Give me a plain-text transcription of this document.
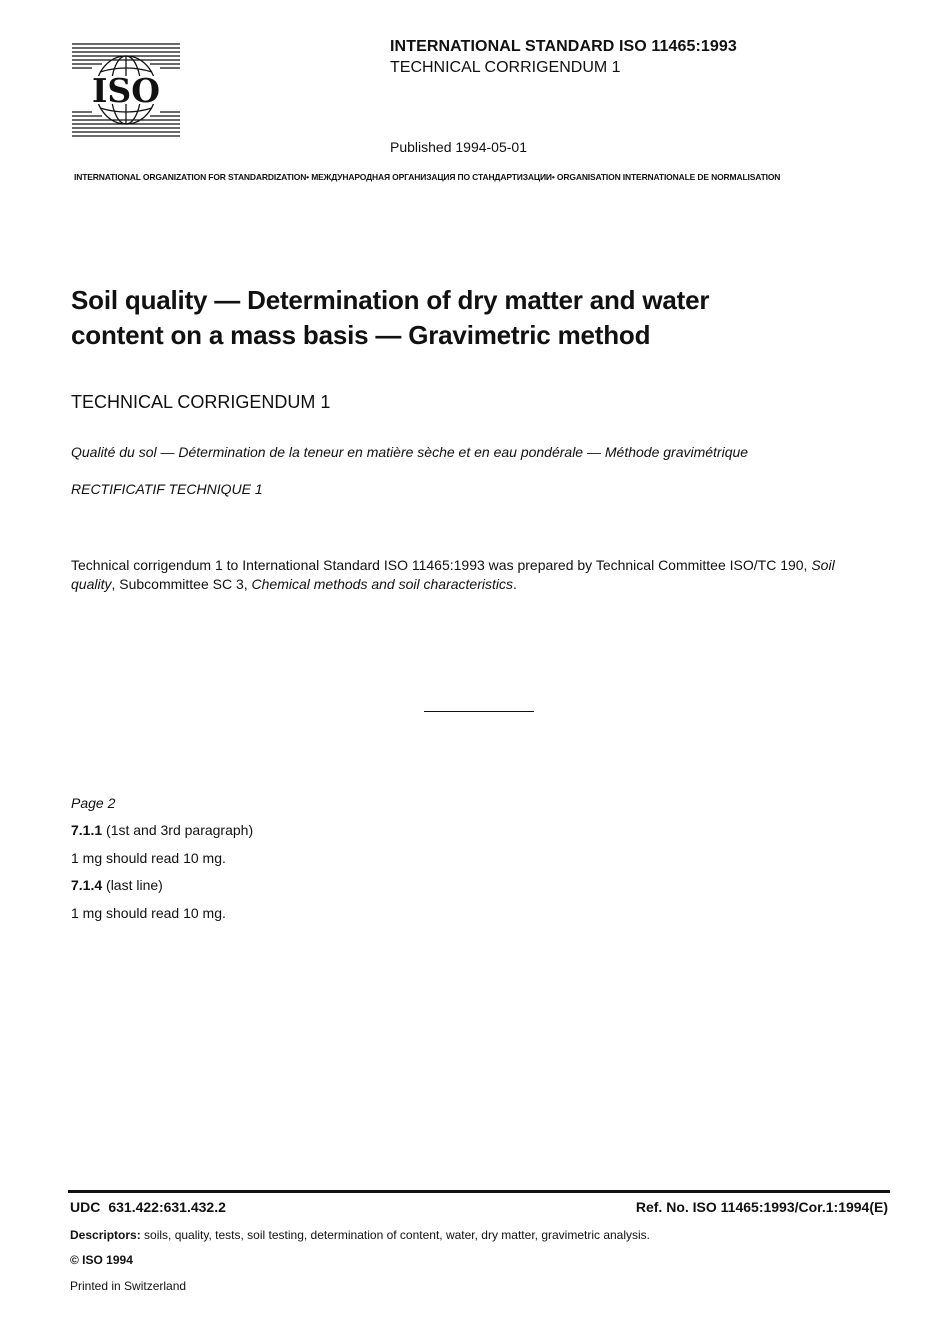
ISO
INTERNATIONAL STANDARD ISO 11465:1993
TECHNICAL CORRIGENDUM 1
Published 1994-05-01
INTERNATIONAL ORGANIZATION FOR STANDARDIZATION• МЕЖДУНАРОДНАЯ ОРГАНИЗАЦИЯ ПО СТАНДАРТИЗАЦИИ• ORGANISATION INTERNATIONALE DE NORMALISATION
Soil quality — Determination of dry matter and water
content on a mass basis — Gravimetric method
TECHNICAL CORRIGENDUM 1
Qualité du sol — Détermination de la teneur en matière sèche et en eau pondérale — Méthode gravimétrique
RECTIFICATIF TECHNIQUE 1

Technical corrigendum 1 to International Standard ISO 11465:1993 was prepared by Technical Committee ISO/TC 190, Soil quality, Subcommittee SC 3, Chemical methods and soil characteristics.

Page 2
7.1.1 (1st and 3rd paragraph)
1 mg should read 10 mg.
7.1.4 (last line)
1 mg should read 10 mg.
UDC 631.422:631.432.2	Ref. No. ISO 11465:1993/Cor.1:1994(E)
Descriptors: soils, quality, tests, soil testing, determination of content, water, dry matter, gravimetric analysis.
© ISO 1994
Printed in Switzerland
